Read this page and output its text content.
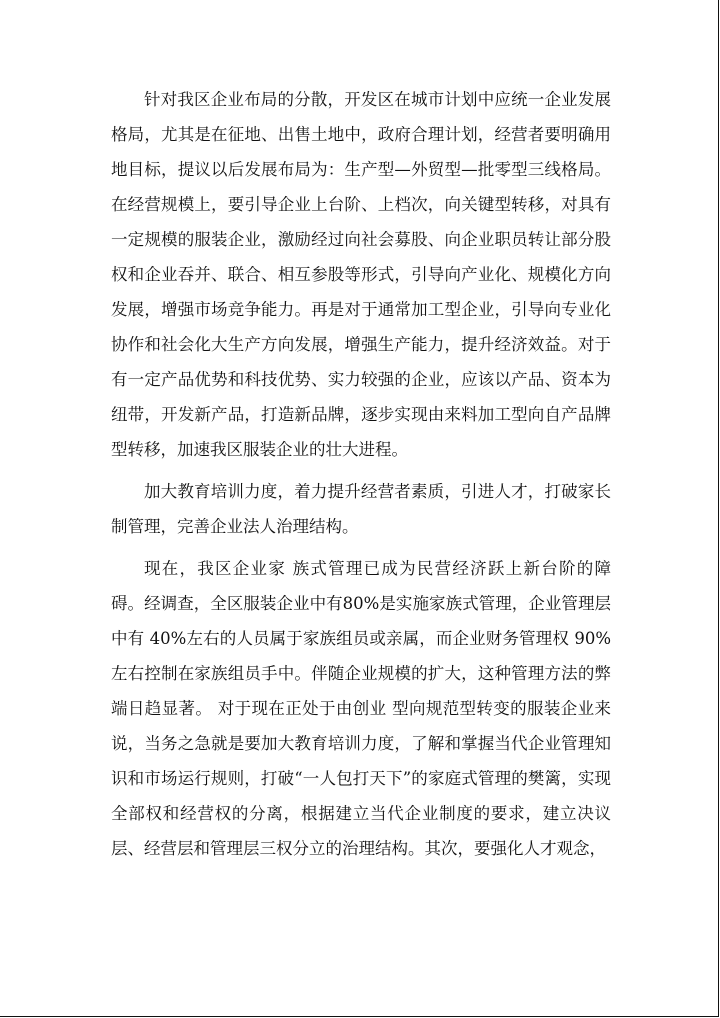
针对我区企业布局的分散，开发区在城市计划中应统一企业发展格局，尤其是在征地、出售土地中，政府合理计划，经营者要明确用地目标，提议以后发展布局为：生产型—外贸型—批零型三线格局。在经营规模上，要引导企业上台阶、上档次，向关键型转移，对具有一定规模的服装企业，激励经过向社会募股、向企业职员转让部分股权和企业吞并、联合、相互参股等形式，引导向产业化、规模化方向发展，增强市场竞争能力。再是对于通常加工型企业，引导向专业化协作和社会化大生产方向发展，增强生产能力，提升经济效益。对于有一定产品优势和科技优势、实力较强的企业，应该以产品、资本为纽带，开发新产品，打造新品牌，逐步实现由来料加工型向自产品牌型转移，加速我区服装企业的壮大进程。

加大教育培训力度，着力提升经营者素质，引进人才，打破家长制管理，完善企业法人治理结构。

现在，我区企业家 族式管理已成为民营经济跃上新台阶的障碍。经调查，全区服装企业中有80%是实施家族式管理，企业管理层中有 40%左右的人员属于家族组员或亲属，而企业财务管理权 90%左右控制在家族组员手中。伴随企业规模的扩大，这种管理方法的弊端日趋显著。 对于现在正处于由创业 型向规范型转变的服装企业来说，当务之急就是要加大教育培训力度，了解和掌握当代企业管理知识和市场运行规则，打破“一人包打天下”的家庭式管理的樊篱，实现全部权和经营权的分离，根据建立当代企业制度的要求，建立决议层、经营层和管理层三权分立的治理结构。其次，要强化人才观念，
